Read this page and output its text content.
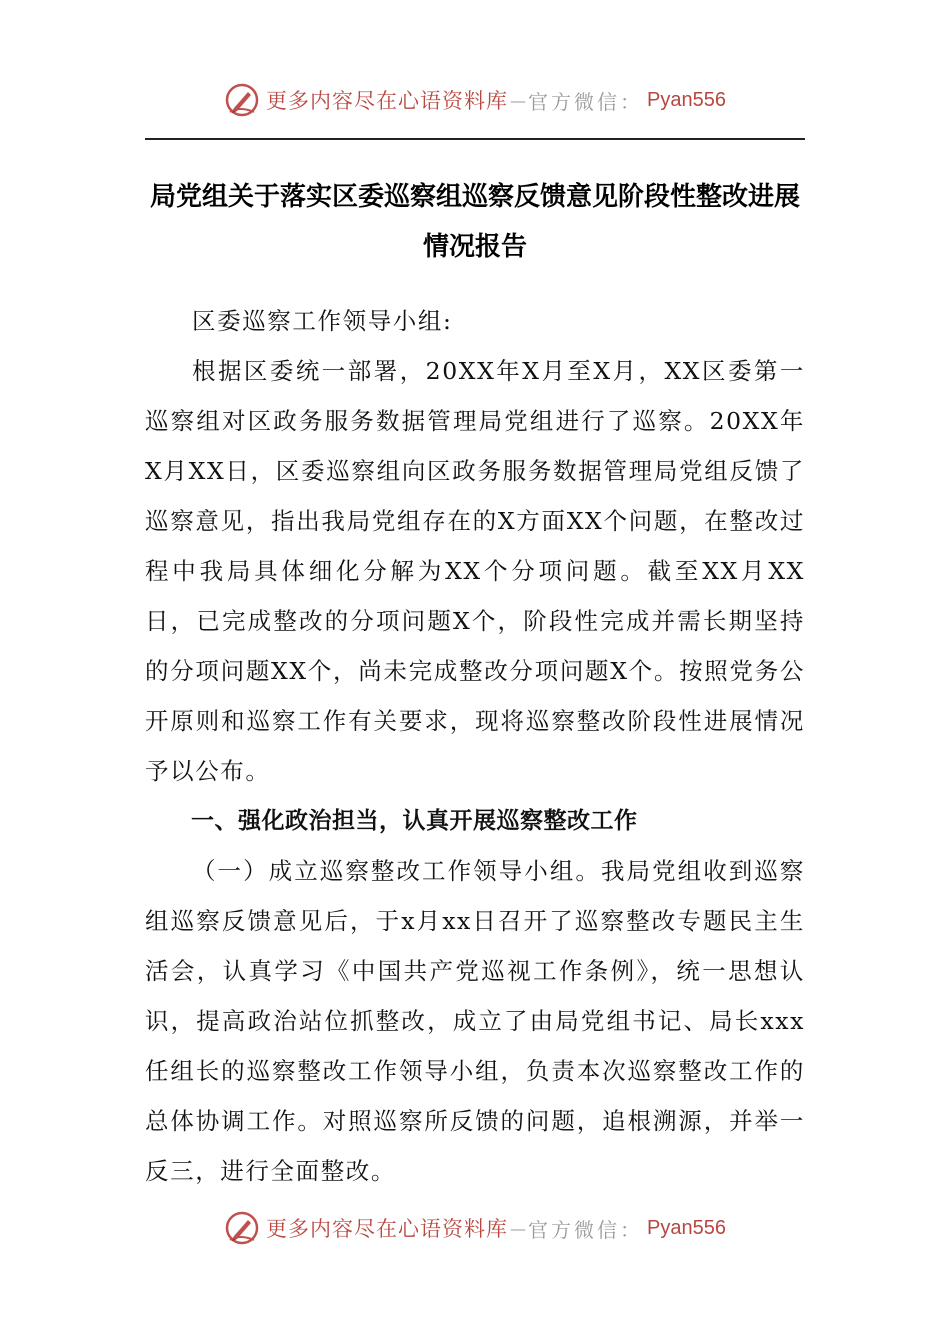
更多内容尽在心语资料库 — 官方微信： Pyan556
局党组关于落实区委巡察组巡察反馈意见阶段性整改进展情况报告

区委巡察工作领导小组:

根据区委统一部署，20XX年X月至X月，XX区委第一巡察组对区政务服务数据管理局党组进行了巡察。20XX年X月XX日，区委巡察组向区政务服务数据管理局党组反馈了巡察意见，指出我局党组存在的X方面XX个问题，在整改过程中我局具体细化分解为XX个分项问题。截至XX月XX日，已完成整改的分项问题X个，阶段性完成并需长期坚持的分项问题XX个，尚未完成整改分项问题X个。按照党务公开原则和巡察工作有关要求，现将巡察整改阶段性进展情况予以公布。

一、强化政治担当，认真开展巡察整改工作

（一）成立巡察整改工作领导小组。我局党组收到巡察组巡察反馈意见后，于x月xx日召开了巡察整改专题民主生活会，认真学习《中国共产党巡视工作条例》，统一思想认识，提高政治站位抓整改，成立了由局党组书记、局长xxx任组长的巡察整改工作领导小组，负责本次巡察整改工作的总体协调工作。对照巡察所反馈的问题，追根溯源，并举一反三，进行全面整改。

更多内容尽在心语资料库 — 官方微信： Pyan556
